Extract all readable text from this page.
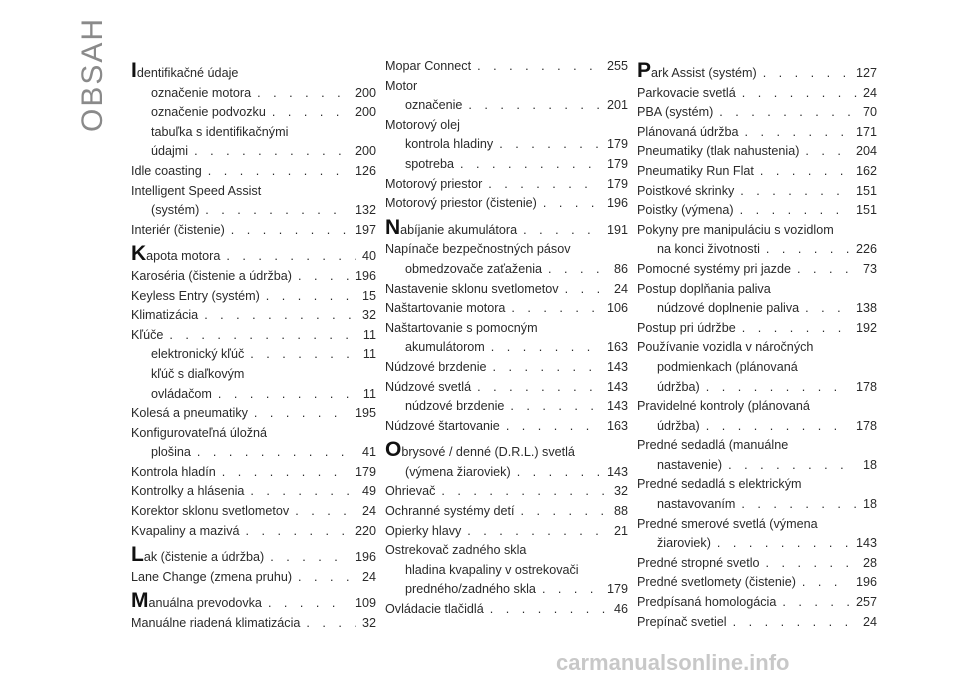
OBSAH I dentifikačné údaje
označenie motora . . .	200
označenie podvozku . . .	200
tabuľka s identifikačnými
údajmi . . .	200
Idle coasting . . .	126
Intelligent Speed Assist
(systém) . . .	132
Interiér (čistenie) . . .	197
K apota motora . . .	40
Karoséria (čistenie a údržba) . . .	196
Keyless Entry (systém) . . .	15
Klimatizácia . . .	32
Kľúče . . .	11
elektronický kľúč . . .	11
kľúč s diaľkovým
ovládačom . . .	11
Kolesá a pneumatiky . . .	195
Konfigurovateľná úložná
plošina . . .	41
Kontrola hladín . . .	179
Kontrolky a hlásenia . . .	49
Korektor sklonu svetlometov . . .	24
Kvapaliny a mazivá . . .	220
L ak (čistenie a údržba) . . .	196
Lane Change (zmena pruhu) . . .	24
M anuálna prevodovka . . .	109
Manuálne riadená klimatizácia . . .	32
Mopar Connect . . .	255
Motor
označenie . . .	201
Motorový olej
kontrola hladiny . . .	179
spotreba . . .	179
Motorový priestor . . .	179
Motorový priestor (čistenie) . . .	196
N abíjanie akumulátora . . .	191
Napínače bezpečnostných pásov
obmedzovače zaťaženia . . .	86
Nastavenie sklonu svetlometov . . .	24
Naštartovanie motora . . .	106
Naštartovanie s pomocným
akumulátorom . . .	163
Núdzové brzdenie . . .	143
Núdzové svetlá . . .	143
núdzové brzdenie . . .	143
Núdzové štartovanie . . .	163
O brysové / denné (D.R.L.) svetlá
(výmena žiaroviek) . . .	143
Ohrievač . . .	32
Ochranné systémy detí . . .	88
Opierky hlavy . . .	21
Ostrekovač zadného skla
hladina kvapaliny v ostrekovači
predného/zadného skla . . .	179
Ovládacie tlačidlá . . .	46
P ark Assist (systém) . . .	127
Parkovacie svetlá . . .	24
PBA (systém) . . .	70
Plánovaná údržba . . .	171
Pneumatiky (tlak nahustenia) . . .	204
Pneumatiky Run Flat . . .	162
Poistkové skrinky . . .	151
Poistky (výmena) . . .	151
Pokyny pre manipuláciu s vozidlom
na konci životnosti . . .	226
Pomocné systémy pri jazde . . .	73
Postup doplňania paliva
núdzové doplnenie paliva . . .	138
Postup pri údržbe . . .	192
Používanie vozidla v náročných
podmienkach (plánovaná
údržba) . . .	178
Pravidelné kontroly (plánovaná
údržba) . . .	178
Predné sedadlá (manuálne
nastavenie) . . .	18
Predné sedadlá s elektrickým
nastavovaním . . .	18
Predné smerové svetlá (výmena
žiaroviek) . . .	143
Predné stropné svetlo . . .	28
Predné svetlomety (čistenie) . . .	196
Predpísaná homologácia . . .	257
Prepínač svetiel . . .	24
carmanualsonline.info
